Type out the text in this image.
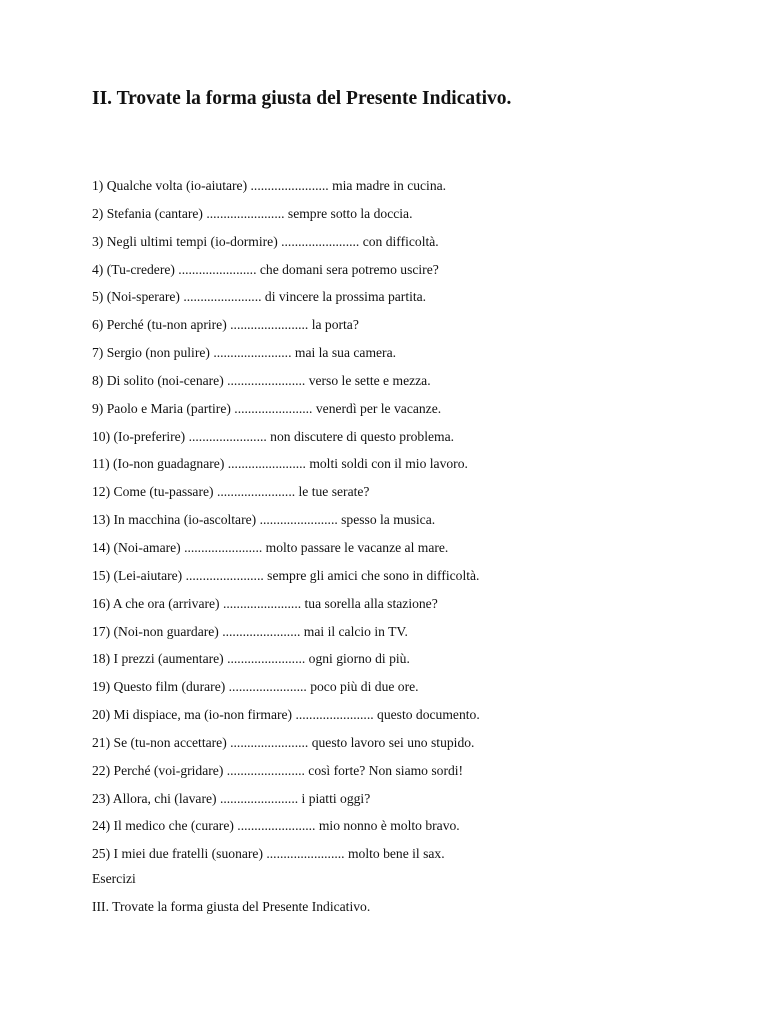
II. Trovate la forma giusta del Presente Indicativo.
1) Qualche volta (io-aiutare) ....................... mia madre in cucina.
2) Stefania (cantare) ....................... sempre sotto la doccia.
3) Negli ultimi tempi (io-dormire) ....................... con difficoltà.
4) (Tu-credere) ....................... che domani sera potremo uscire?
5) (Noi-sperare) ....................... di vincere la prossima partita.
6) Perché (tu-non aprire) ....................... la porta?
7) Sergio (non pulire) ....................... mai la sua camera.
8) Di solito (noi-cenare) ....................... verso le sette e mezza.
9) Paolo e Maria (partire) ....................... venerdì per le vacanze.
10) (Io-preferire) ....................... non discutere di questo problema.
11) (Io-non guadagnare) ....................... molti soldi con il mio lavoro.
12) Come (tu-passare) ....................... le tue serate?
13) In macchina (io-ascoltare) ....................... spesso la musica.
14) (Noi-amare) ....................... molto passare le vacanze al mare.
15) (Lei-aiutare) ....................... sempre gli amici che sono in difficoltà.
16) A che ora (arrivare) ....................... tua sorella alla stazione?
17) (Noi-non guardare) ....................... mai il calcio in TV.
18) I prezzi (aumentare) ....................... ogni giorno di più.
19) Questo film (durare) ....................... poco più di due ore.
20) Mi dispiace, ma (io-non firmare) ....................... questo documento.
21) Se (tu-non accettare) ....................... questo lavoro sei uno stupido.
22) Perché (voi-gridare) ....................... così forte? Non siamo sordi!
23) Allora, chi (lavare) ....................... i piatti oggi?
24) Il medico che (curare) ....................... mio nonno è molto bravo.
25) I miei due fratelli (suonare) ....................... molto bene il sax.
Esercizi
III. Trovate la forma giusta del Presente Indicativo.
